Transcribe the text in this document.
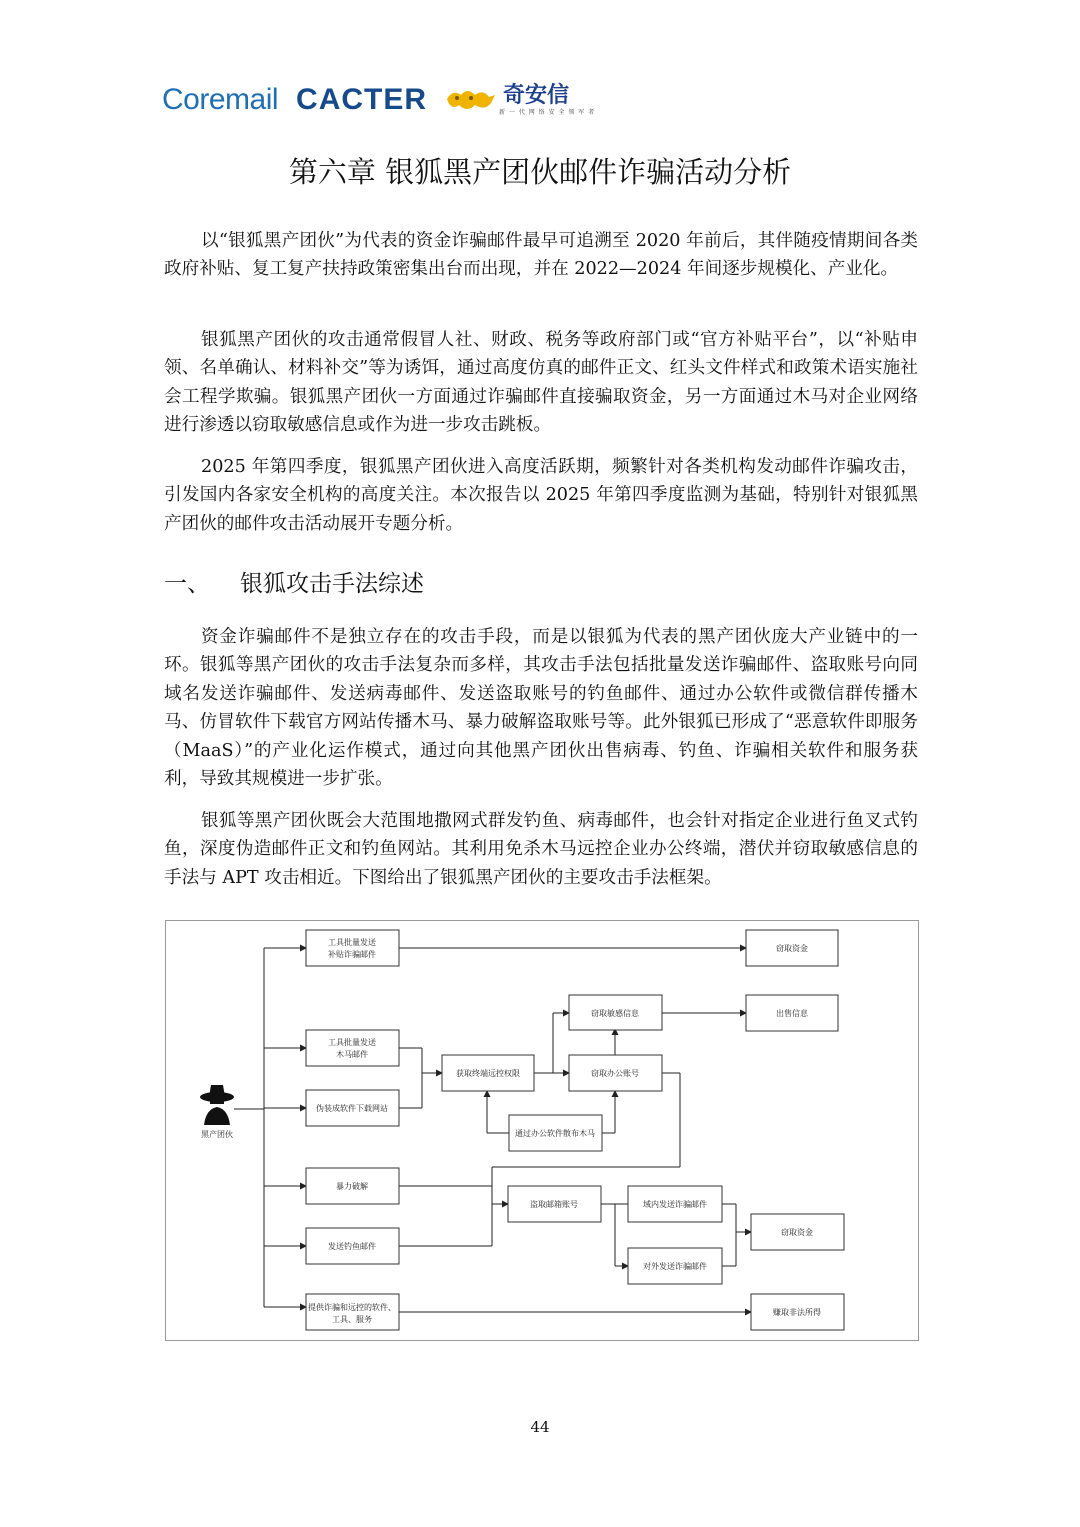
Coremail CACTER	奇安信
新 一 代 网 络 安 全 领 军 者
第六章 银狐黑产团伙邮件诈骗活动分析

以“银狐黑产团伙”为代表的资金诈骗邮件最早可追溯至 2020 年前后，其伴随疫情期间各类政府补贴、复工复产扶持政策密集出台而出现，并在 2022—2024 年间逐步规模化、产业化。

银狐黑产团伙的攻击通常假冒人社、财政、税务等政府部门或“官方补贴平台”，以“补贴申领、名单确认、材料补交”等为诱饵，通过高度仿真的邮件正文、红头文件样式和政策术语实施社会工程学欺骗。银狐黑产团伙一方面通过诈骗邮件直接骗取资金，另一方面通过木马对企业网络进行渗透以窃取敏感信息或作为进一步攻击跳板。

2025 年第四季度，银狐黑产团伙进入高度活跃期，频繁针对各类机构发动邮件诈骗攻击，引发国内各家安全机构的高度关注。本次报告以 2025 年第四季度监测为基础，特别针对银狐黑产团伙的邮件攻击活动展开专题分析。

一、 银狐攻击手法综述

资金诈骗邮件不是独立存在的攻击手段，而是以银狐为代表的黑产团伙庞大产业链中的一环。银狐等黑产团伙的攻击手法复杂而多样，其攻击手法包括批量发送诈骗邮件、盗取账号向同域名发送诈骗邮件、发送病毒邮件、发送盗取账号的钓鱼邮件、通过办公软件或微信群传播木马、仿冒软件下载官方网站传播木马、暴力破解盗取账号等。此外银狐已形成了“恶意软件即服务（MaaS）”的产业化运作模式，通过向其他黑产团伙出售病毒、钓鱼、诈骗相关软件和服务获利，导致其规模进一步扩张。

银狐等黑产团伙既会大范围地撒网式群发钓鱼、病毒邮件，也会针对指定企业进行鱼叉式钓鱼，深度伪造邮件正文和钓鱼网站。其利用免杀木马远控企业办公终端，潜伏并窃取敏感信息的手法与 APT 攻击相近。下图给出了银狐黑产团伙的主要攻击手法框架。

黑产团伙
工具批量发送
补贴诈骗邮件
窃取资金
窃取敏感信息	出售信息
工具批量发送
木马邮件
获取终端远控权限	窃取办公账号
伪装成软件下载网站
通过办公软件散布木马
暴力破解
盗取邮箱账号	域内发送诈骗邮件
窃取资金
发送钓鱼邮件
对外发送诈骗邮件
提供诈骗和远控的软件、
工具、服务
赚取非法所得
44
